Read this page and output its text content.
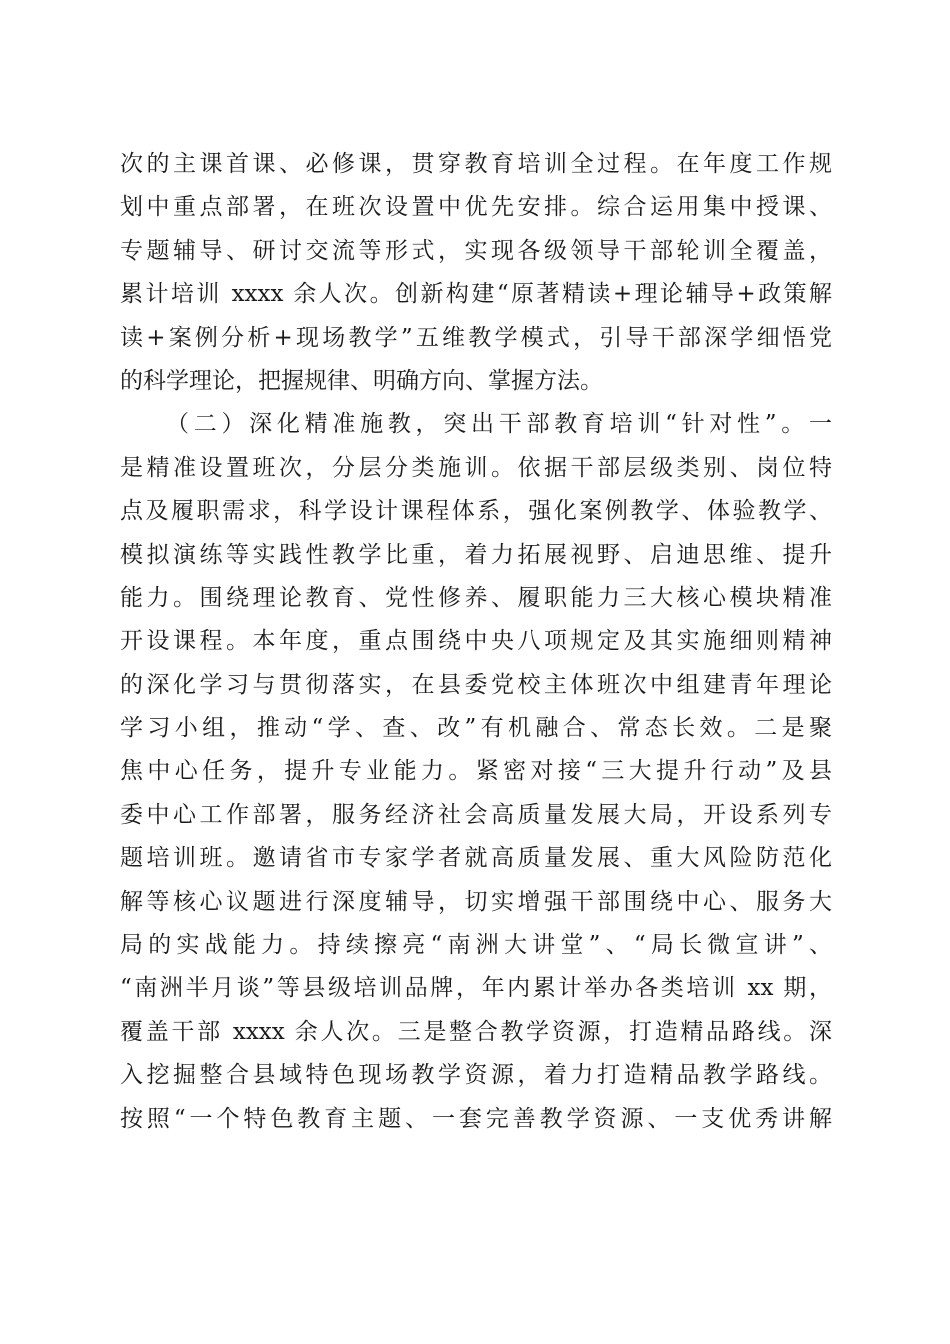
次的主课首课、必修课，贯穿教育培训全过程。在年度工作规
划中重点部署，在班次设置中优先安排。综合运用集中授课、
专题辅导、研讨交流等形式，实现各级领导干部轮训全覆盖，
累计培训 xxxx 余人次。创新构建“原著精读+理论辅导+政策解
读+案例分析+现场教学”五维教学模式，引导干部深学细悟党
的科学理论，把握规律、明确方向、掌握方法。
（二）深化精准施教，突出干部教育培训“针对性”。一
是精准设置班次，分层分类施训。依据干部层级类别、岗位特
点及履职需求，科学设计课程体系，强化案例教学、体验教学、
模拟演练等实践性教学比重，着力拓展视野、启迪思维、提升
能力。围绕理论教育、党性修养、履职能力三大核心模块精准
开设课程。本年度，重点围绕中央八项规定及其实施细则精神
的深化学习与贯彻落实，在县委党校主体班次中组建青年理论
学习小组，推动“学、查、改”有机融合、常态长效。二是聚
焦中心任务，提升专业能力。紧密对接“三大提升行动”及县
委中心工作部署，服务经济社会高质量发展大局，开设系列专
题培训班。邀请省市专家学者就高质量发展、重大风险防范化
解等核心议题进行深度辅导，切实增强干部围绕中心、服务大
局的实战能力。持续擦亮“南洲大讲堂”、“局长微宣讲”、
“南洲半月谈”等县级培训品牌，年内累计举办各类培训 xx 期，
覆盖干部 xxxx 余人次。三是整合教学资源，打造精品路线。深
入挖掘整合县域特色现场教学资源，着力打造精品教学路线。
按照“一个特色教育主题、一套完善教学资源、一支优秀讲解
